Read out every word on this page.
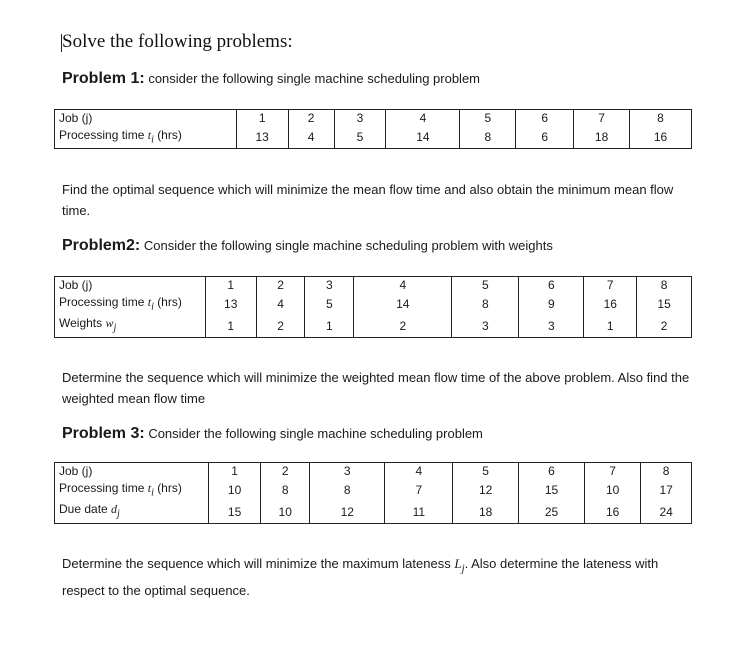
Solve the following problems:
Problem 1: consider the following single machine scheduling problem
Job (j)	1	2	3	4	5	6	7	8
Processing time $t_i$ (hrs)	13	4	5	14	8	6	18	16
Find the optimal sequence which will minimize the mean flow time and also obtain the minimum mean flow time.
Problem2: Consider the following single machine scheduling problem with weights
Job (j)	1	2	3	4	5	6	7	8
Processing time $t_i$ (hrs)	13	4	5	14	8	9	16	15
Weights $w_j$	1	2	1	2	3	3	1	2
Determine the sequence which will minimize the weighted mean flow time of the above problem. Also find the weighted mean flow time
Problem 3: Consider the following single machine scheduling problem
Job (j)	1	2	3	4	5	6	7	8
Processing time $t_i$ (hrs)	10	8	8	7	12	15	10	17
Due date $d_j$	15	10	12	11	18	25	16	24
Determine the sequence which will minimize the maximum lateness $L_j$. Also determine the lateness with respect to the optimal sequence.
